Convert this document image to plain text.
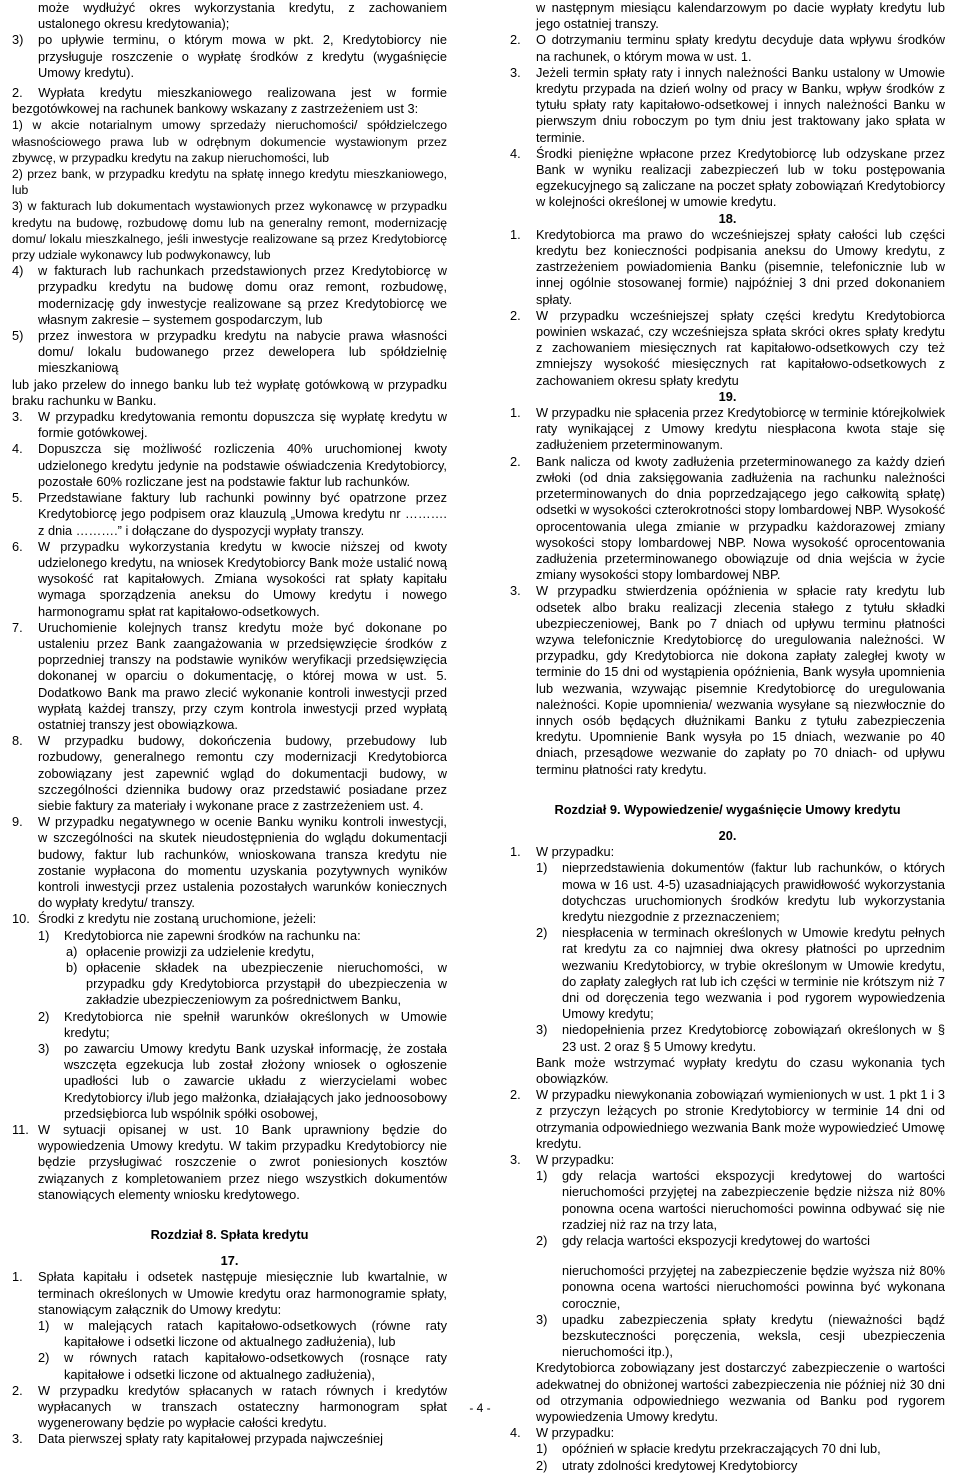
może wydłużyć okres wykorzystania kredytu, z zachowaniem ustalonego okresu kredytowania);

3) po upływie terminu, o którym mowa w pkt. 2, Kredytobiorcy nie przysługuje roszczenie o wypłatę środków z kredytu (wygaśnięcie Umowy kredytu).

2. Wypłata kredytu mieszkaniowego realizowana jest w formie bezgotówkowej na rachunek bankowy wskazany z zastrzeżeniem ust 3:

1) w akcie notarialnym umowy sprzedaży nieruchomości/ spółdzielczego własnościowego prawa lub w odrębnym dokumencie wystawionym przez zbywcę, w przypadku kredytu na zakup nieruchomości, lub

2) przez bank, w przypadku kredytu na spłatę innego kredytu mieszkaniowego, lub

3) w fakturach lub dokumentach wystawionych przez wykonawcę w przypadku kredytu na budowę, rozbudowę domu lub na generalny remont, modernizację domu/ lokalu mieszkalnego, jeśli inwestycje realizowane są przez Kredytobiorcę przy udziale wykonawcy lub podwykonawcy, lub

4) w fakturach lub rachunkach przedstawionych przez Kredytobiorcę w przypadku kredytu na budowę domu oraz remont, rozbudowę, modernizację gdy inwestycje realizowane są przez Kredytobiorcę we własnym zakresie – systemem gospodarczym, lub

5) przez inwestora w przypadku kredytu na nabycie prawa własności domu/ lokalu budowanego przez dewelopera lub spółdzielnię mieszkaniową

lub jako przelew do innego banku lub też wypłatę gotówkową w przypadku braku rachunku w Banku.

3. W przypadku kredytowania remontu dopuszcza się wypłatę kredytu w formie gotówkowej.

4. Dopuszcza się możliwość rozliczenia 40% uruchomionej kwoty udzielonego kredytu jedynie na podstawie oświadczenia Kredytobiorcy, pozostałe 60% rozliczane jest na podstawie faktur lub rachunków.

5. Przedstawiane faktury lub rachunki powinny być opatrzone przez Kredytobiorcę jego podpisem oraz klauzulą „Umowa kredytu nr ………. z dnia ……….” i dołączane do dyspozycji wypłaty transzy.

6. W przypadku wykorzystania kredytu w kwocie niższej od kwoty udzielonego kredytu, na wniosek Kredytobiorcy Bank może ustalić nową wysokość rat kapitałowych. Zmiana wysokości rat spłaty kapitału wymaga sporządzenia aneksu do Umowy kredytu i nowego harmonogramu spłat rat kapitałowo-odsetkowych.

7. Uruchomienie kolejnych transz kredytu może być dokonane po ustaleniu przez Bank zaangażowania w przedsięwzięcie środków z poprzedniej transzy na podstawie wyników weryfikacji przedsięwzięcia dokonanej w oparciu o dokumentację, o której mowa w ust. 5. Dodatkowo Bank ma prawo zlecić wykonanie kontroli inwestycji przed wypłatą każdej transzy, przy czym kontrola inwestycji przed wypłatą ostatniej transzy jest obowiązkowa.

8. W przypadku budowy, dokończenia budowy, przebudowy lub rozbudowy, generalnego remontu czy modernizacji Kredytobiorca zobowiązany jest zapewnić wgląd do dokumentacji budowy, w szczególności dziennika budowy oraz przedstawić posiadane przez siebie faktury za materiały i wykonane prace z zastrzeżeniem ust. 4.

9. W przypadku negatywnego w ocenie Banku wyniku kontroli inwestycji, w szczególności na skutek nieudostępnienia do wglądu dokumentacji budowy, faktur lub rachunków, wnioskowana transza kredytu nie zostanie wypłacona do momentu uzyskania pozytywnych wyników kontroli inwestycji przez ustalenia pozostałych warunków koniecznych do wypłaty kredytu/ transzy.

10. Środki z kredytu nie zostaną uruchomione, jeżeli:

1) Kredytobiorca nie zapewni środków na rachunku na:

a) opłacenie prowizji za udzielenie kredytu,

b) opłacenie składek na ubezpieczenie nieruchomości, w przypadku gdy Kredytobiorca przystąpił do ubezpieczenia w zakładzie ubezpieczeniowym za pośrednictwem Banku,

2) Kredytobiorca nie spełnił warunków określonych w Umowie kredytu;

3) po zawarciu Umowy kredytu Bank uzyskał informację, że została wszczęta egzekucja lub został złożony wniosek o ogłoszenie upadłości lub o zawarcie układu z wierzycielami wobec Kredytobiorcy i/lub jego małżonka, działających jako jednoosobowy przedsiębiorca lub wspólnik spółki osobowej,

11. W sytuacji opisanej w ust. 10 Bank uprawniony będzie do wypowiedzenia Umowy kredytu. W takim przypadku Kredytobiorcy nie będzie przysługiwać roszczenie o zwrot poniesionych kosztów związanych z kompletowaniem przez niego wszystkich dokumentów stanowiących elementy wniosku kredytowego.

Rozdział 8. Spłata kredytu

17.

1. Spłata kapitału i odsetek następuje miesięcznie lub kwartalnie, w terminach określonych w Umowie kredytu oraz harmonogramie spłaty, stanowiącym załącznik do Umowy kredytu:

1) w malejących ratach kapitałowo-odsetkowych (równe raty kapitałowe i odsetki liczone od aktualnego zadłużenia), lub

2) w równych ratach kapitałowo-odsetkowych (rosnące raty kapitałowe i odsetki liczone od aktualnego zadłużenia),

2. W przypadku kredytów spłacanych w ratach równych i kredytów wypłacanych w transzach ostateczny harmonogram spłat wygenerowany będzie po wypłacie całości kredytu.

3. Data pierwszej spłaty raty kapitałowej przypada najwcześniej

w następnym miesiącu kalendarzowym po dacie wypłaty kredytu lub jego ostatniej transzy.

2. O dotrzymaniu terminu spłaty kredytu decyduje data wpływu środków na rachunek, o którym mowa w ust. 1.

3. Jeżeli termin spłaty raty i innych należności Banku ustalony w Umowie kredytu przypada na dzień wolny od pracy w Banku, wpływ środków z tytułu spłaty raty kapitałowo-odsetkowej i innych należności Banku w pierwszym dniu roboczym po tym dniu jest traktowany jako spłata w terminie.

4. Środki pieniężne wpłacone przez Kredytobiorcę lub odzyskane przez Bank w wyniku realizacji zabezpieczeń lub w toku postępowania egzekucyjnego są zaliczane na poczet spłaty zobowiązań Kredytobiorcy w kolejności określonej w umowie kredytu.

18.

1. Kredytobiorca ma prawo do wcześniejszej spłaty całości lub części kredytu bez konieczności podpisania aneksu do Umowy kredytu, z zastrzeżeniem powiadomienia Banku (pisemnie, telefonicznie lub w innej ogólnie stosowanej formie) najpóźniej 3 dni przed dokonaniem spłaty.

2. W przypadku wcześniejszej spłaty części kredytu Kredytobiorca powinien wskazać, czy wcześniejsza spłata skróci okres spłaty kredytu z zachowaniem miesięcznych rat kapitałowo-odsetkowych czy też zmniejszy wysokość miesięcznych rat kapitałowo-odsetkowych z zachowaniem okresu spłaty kredytu

19.

1. W przypadku nie spłacenia przez Kredytobiorcę w terminie którejkolwiek raty wynikającej z Umowy kredytu niespłacona kwota staje się zadłużeniem przeterminowanym.

2. Bank nalicza od kwoty zadłużenia przeterminowanego za każdy dzień zwłoki (od dnia zaksięgowania zadłużenia na rachunku należności przeterminowanych do dnia poprzedzającego jego całkowitą spłatę) odsetki w wysokości czterokrotności stopy lombardowej NBP. Wysokość oprocentowania ulega zmianie w przypadku każdorazowej zmiany wysokości stopy lombardowej NBP. Nowa wysokość oprocentowania zadłużenia przeterminowanego obowiązuje od dnia wejścia w życie zmiany wysokości stopy lombardowej NBP.

3. W przypadku stwierdzenia opóźnienia w spłacie raty kredytu lub odsetek albo braku realizacji zlecenia stałego z tytułu składki ubezpieczeniowej, Bank po 7 dniach od upływu terminu płatności wzywa telefonicznie Kredytobiorcę do uregulowania należności. W przypadku, gdy Kredytobiorca nie dokona zapłaty zaległej kwoty w terminie do 15 dni od wystąpienia opóźnienia, Bank wysyła upomnienia lub wezwania, wzywając pisemnie Kredytobiorcę do uregulowania należności. Kopie upomnienia/ wezwania wysyłane są niezwłocznie do innych osób będących dłużnikami Banku z tytułu zabezpieczenia kredytu. Upomnienie Bank wysyła po 15 dniach, wezwanie po 40 dniach, przesądowe wezwanie do zapłaty po 70 dniach- od upływu terminu płatności raty kredytu.

Rozdział 9. Wypowiedzenie/ wygaśnięcie Umowy kredytu

20.

1. W przypadku:

1) nieprzedstawienia dokumentów (faktur lub rachunków, o których mowa w 16 ust. 4-5) uzasadniających prawidłowość wykorzystania dotychczas uruchomionych środków kredytu lub wykorzystania kredytu niezgodnie z przeznaczeniem;

2) niespłacenia w terminach określonych w Umowie kredytu pełnych rat kredytu za co najmniej dwa okresy płatności po uprzednim wezwaniu Kredytobiorcy, w trybie określonym w Umowie kredytu, do zapłaty zaległych rat lub ich części w terminie nie krótszym niż 7 dni od doręczenia tego wezwania i pod rygorem wypowiedzenia Umowy kredytu;

3) niedopełnienia przez Kredytobiorcę zobowiązań określonych w § 23 ust. 2 oraz § 5 Umowy kredytu.

Bank może wstrzymać wypłaty kredytu do czasu wykonania tych obowiązków.

2. W przypadku niewykonania zobowiązań wymienionych w ust. 1 pkt 1 i 3 z przyczyn leżących po stronie Kredytobiorcy w terminie 14 dni od otrzymania odpowiedniego wezwania Bank może wypowiedzieć Umowę kredytu.

3. W przypadku:

1) gdy relacja wartości ekspozycji kredytowej do wartości nieruchomości przyjętej na zabezpieczenie będzie niższa niż 80% ponowna ocena wartości nieruchomości powinna odbywać się nie rzadziej niż raz na trzy lata,

2) gdy relacja wartości ekspozycji kredytowej do wartości

nieruchomości przyjętej na zabezpieczenie będzie wyższa niż 80% ponowna ocena wartości nieruchomości powinna być wykonana corocznie,

3) upadku zabezpieczenia spłaty kredytu (nieważności bądź bezskuteczności poręczenia, weksla, cesji ubezpieczenia nieruchomości itp.),

Kredytobiorca zobowiązany jest dostarczyć zabezpieczenie o wartości adekwatnej do obniżonej wartości zabezpieczenia nie później niż 30 dni od otrzymania odpowiedniego wezwania od Banku pod rygorem wypowiedzenia Umowy kredytu.

4. W przypadku:

1) opóźnień w spłacie kredytu przekraczających 70 dni lub,

2) utraty zdolności kredytowej Kredytobiorcy

- 4 -
